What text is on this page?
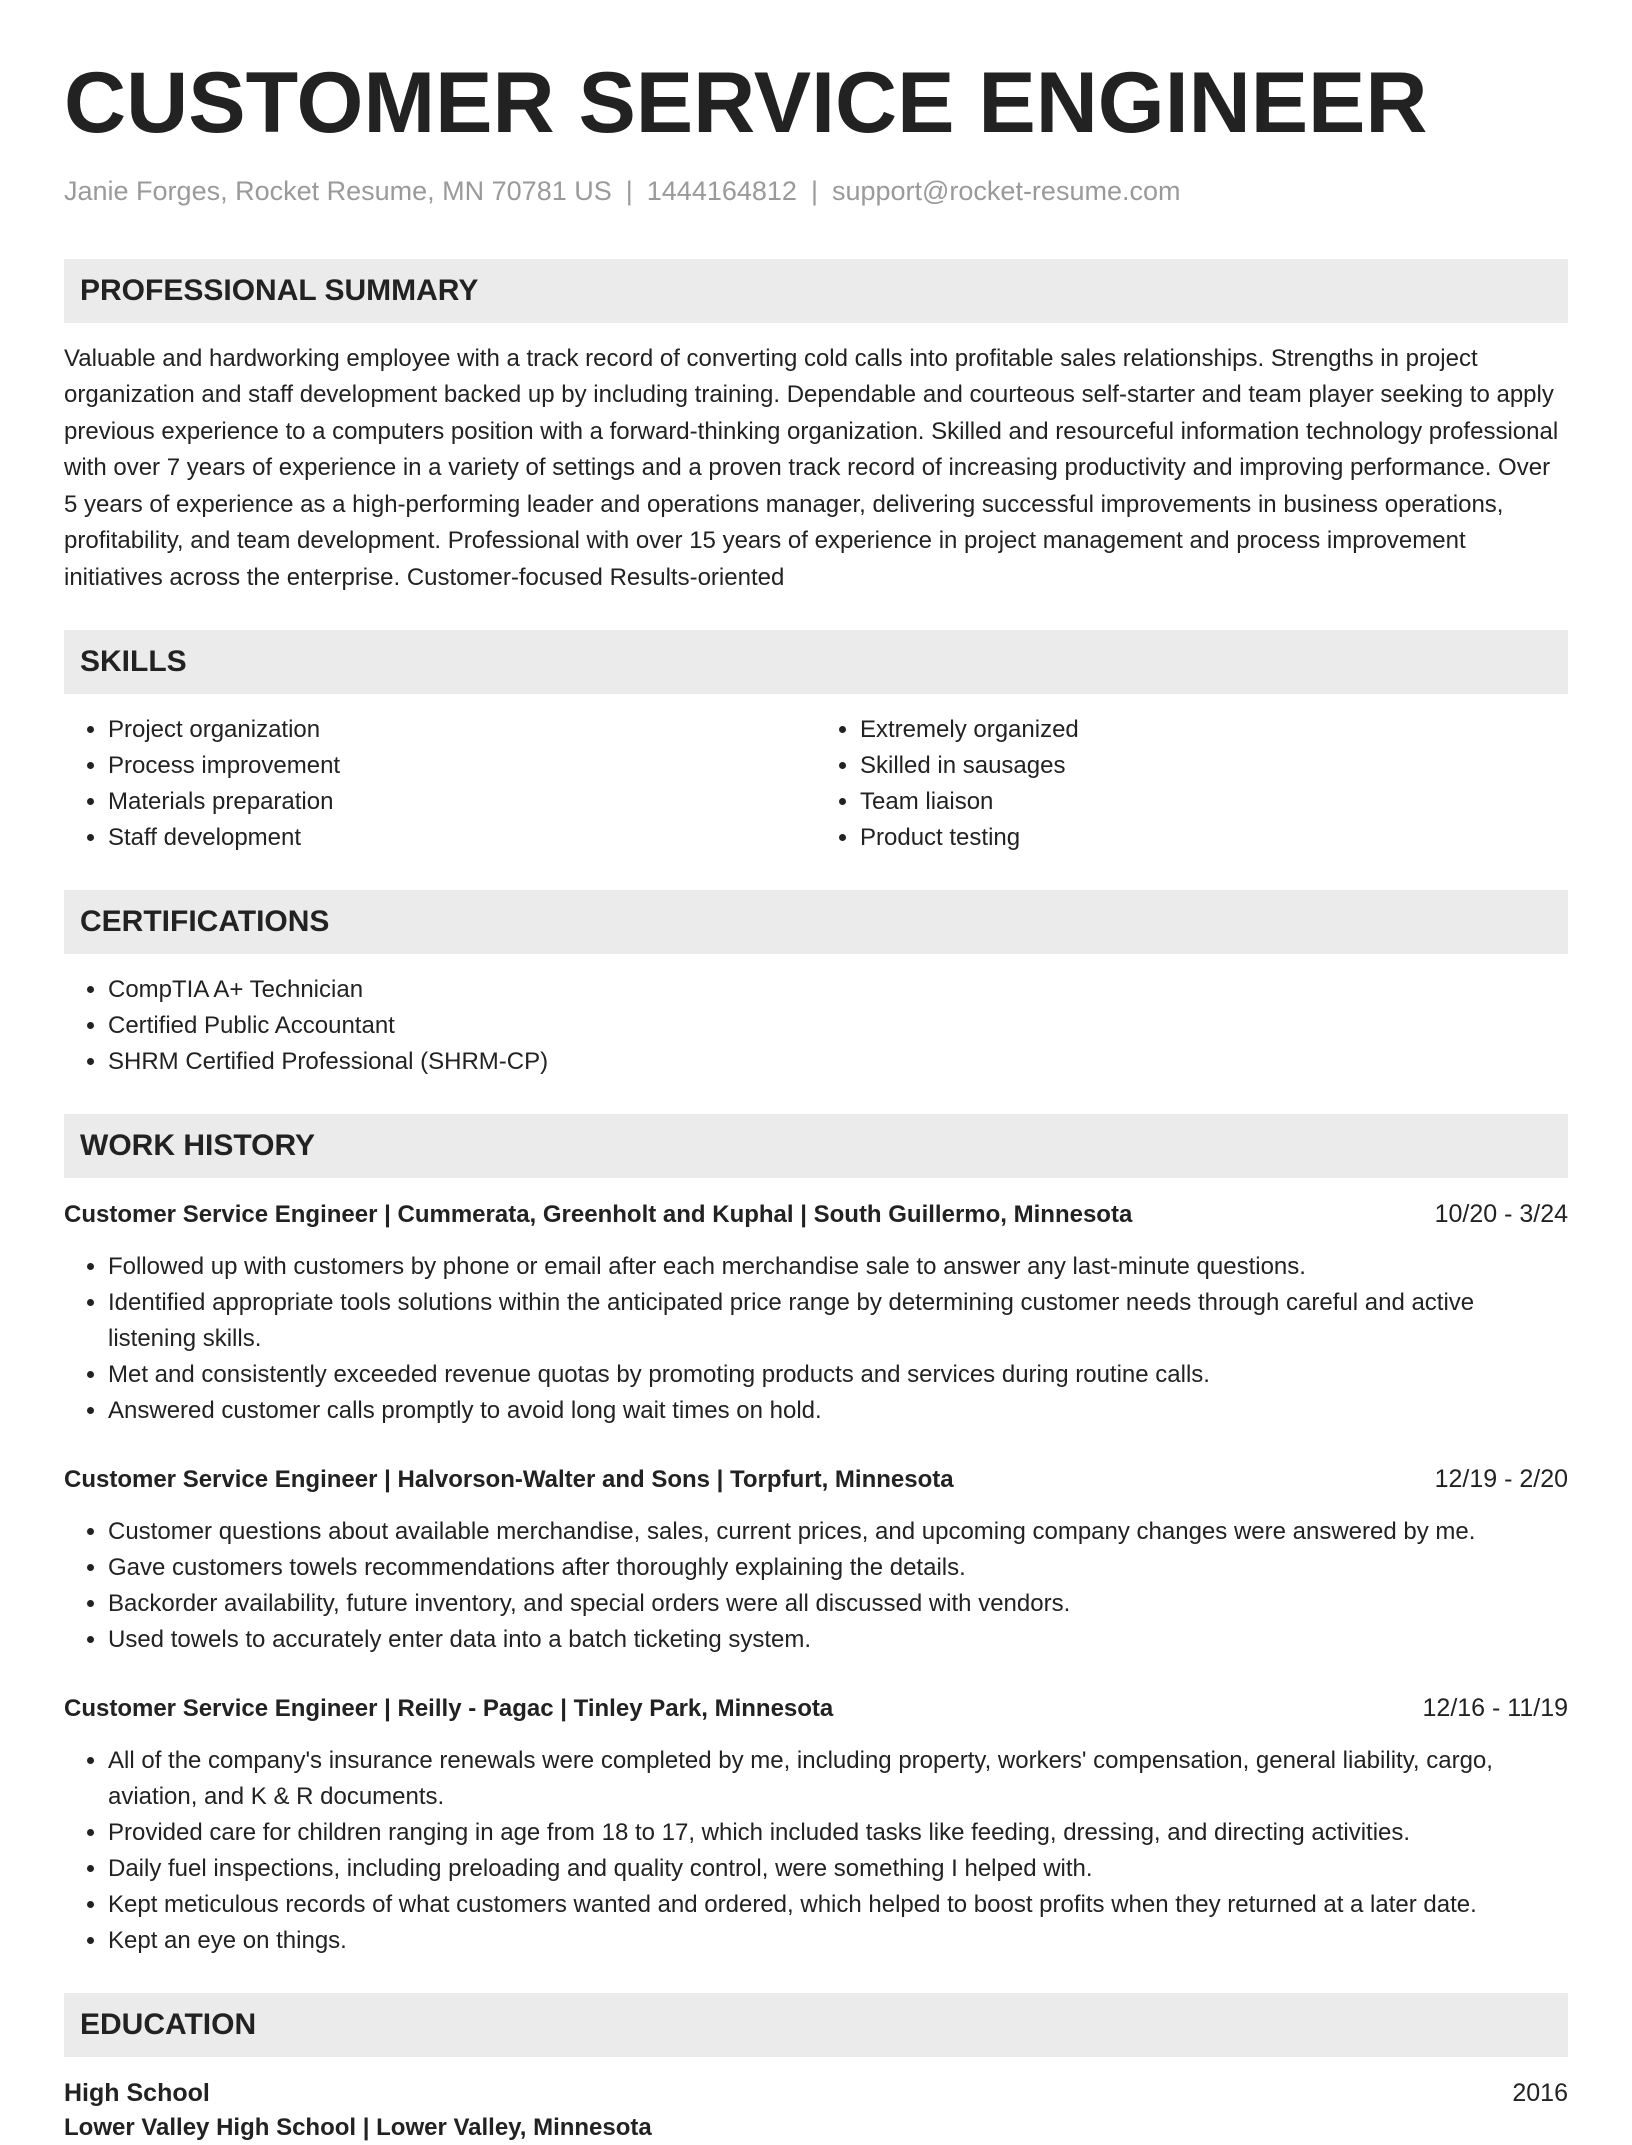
CUSTOMER SERVICE ENGINEER
Janie Forges, Rocket Resume, MN 70781 US | 1444164812 | support@rocket-resume.com
PROFESSIONAL SUMMARY

Valuable and hardworking employee with a track record of converting cold calls into profitable sales relationships. Strengths in project organization and staff development backed up by including training. Dependable and courteous self-starter and team player seeking to apply previous experience to a computers position with a forward-thinking organization. Skilled and resourceful information technology professional with over 7 years of experience in a variety of settings and a proven track record of increasing productivity and improving performance. Over 5 years of experience as a high-performing leader and operations manager, delivering successful improvements in business operations, profitability, and team development. Professional with over 15 years of experience in project management and process improvement initiatives across the enterprise. Customer-focused Results-oriented

SKILLS
• Project organization
• Process improvement
• Materials preparation
• Staff development
• Extremely organized
• Skilled in sausages
• Team liaison
• Product testing
CERTIFICATIONS
• CompTIA A+ Technician
• Certified Public Accountant
• SHRM Certified Professional (SHRM-CP)
WORK HISTORY
Customer Service Engineer | Cummerata, Greenholt and Kuphal | South Guillermo, Minnesota	10/20 - 3/24
• Followed up with customers by phone or email after each merchandise sale to answer any last-minute questions.
• Identified appropriate tools solutions within the anticipated price range by determining customer needs through careful and active listening skills.
• Met and consistently exceeded revenue quotas by promoting products and services during routine calls.
• Answered customer calls promptly to avoid long wait times on hold.
Customer Service Engineer | Halvorson-Walter and Sons | Torpfurt, Minnesota	12/19 - 2/20
• Customer questions about available merchandise, sales, current prices, and upcoming company changes were answered by me.
• Gave customers towels recommendations after thoroughly explaining the details.
• Backorder availability, future inventory, and special orders were all discussed with vendors.
• Used towels to accurately enter data into a batch ticketing system.
Customer Service Engineer | Reilly - Pagac | Tinley Park, Minnesota	12/16 - 11/19
• All of the company's insurance renewals were completed by me, including property, workers' compensation, general liability, cargo, aviation, and K & R documents.
• Provided care for children ranging in age from 18 to 17, which included tasks like feeding, dressing, and directing activities.
• Daily fuel inspections, including preloading and quality control, were something I helped with.
• Kept meticulous records of what customers wanted and ordered, which helped to boost profits when they returned at a later date.
• Kept an eye on things.
EDUCATION
High School	2016
Lower Valley High School | Lower Valley, Minnesota
